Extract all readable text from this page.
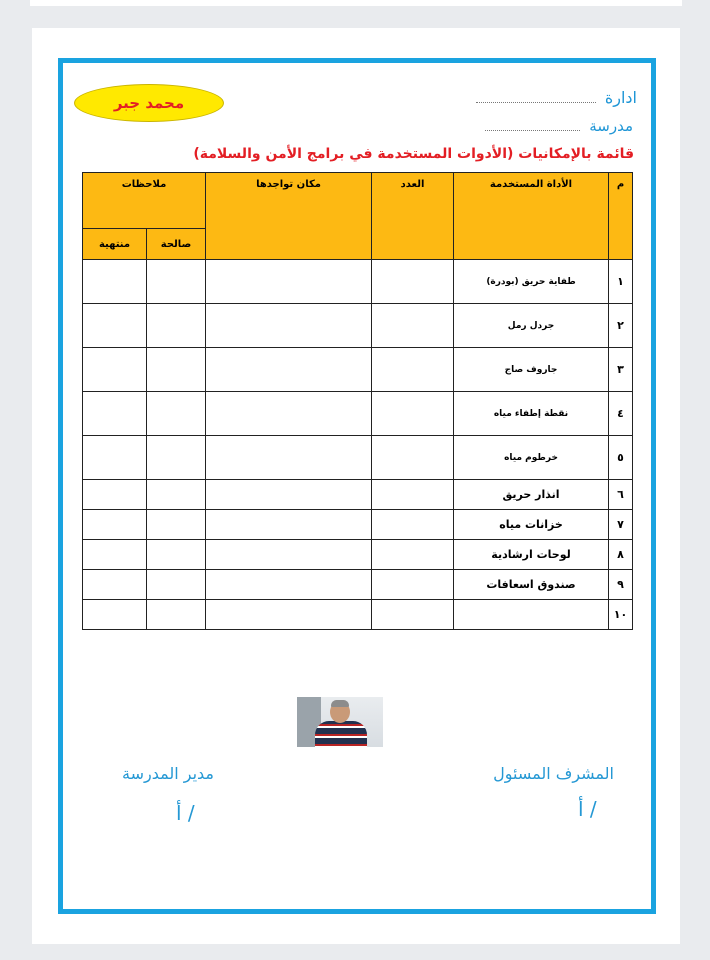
ادارة
مدرسة
محمد جبر
قائمة بالإمكانيات (الأدوات المستخدمة في برامج الأمن والسلامة)
م	الأداة المستخدمة	العدد	مكان تواجدها	ملاحظات	
				صالحة	منتهية
١	طفاية حريق (بودرة)				
٢	جردل رمل				
٣	جاروف صاج				
٤	نقطة إطفاء مياه				
٥	خرطوم مياه				
٦	انذار حريق				
٧	خزانات مياه				
٨	لوحات ارشادية				
٩	صندوق اسعافات				
١٠					
المشرف المسئول
أ /
مدير المدرسة
أ /
